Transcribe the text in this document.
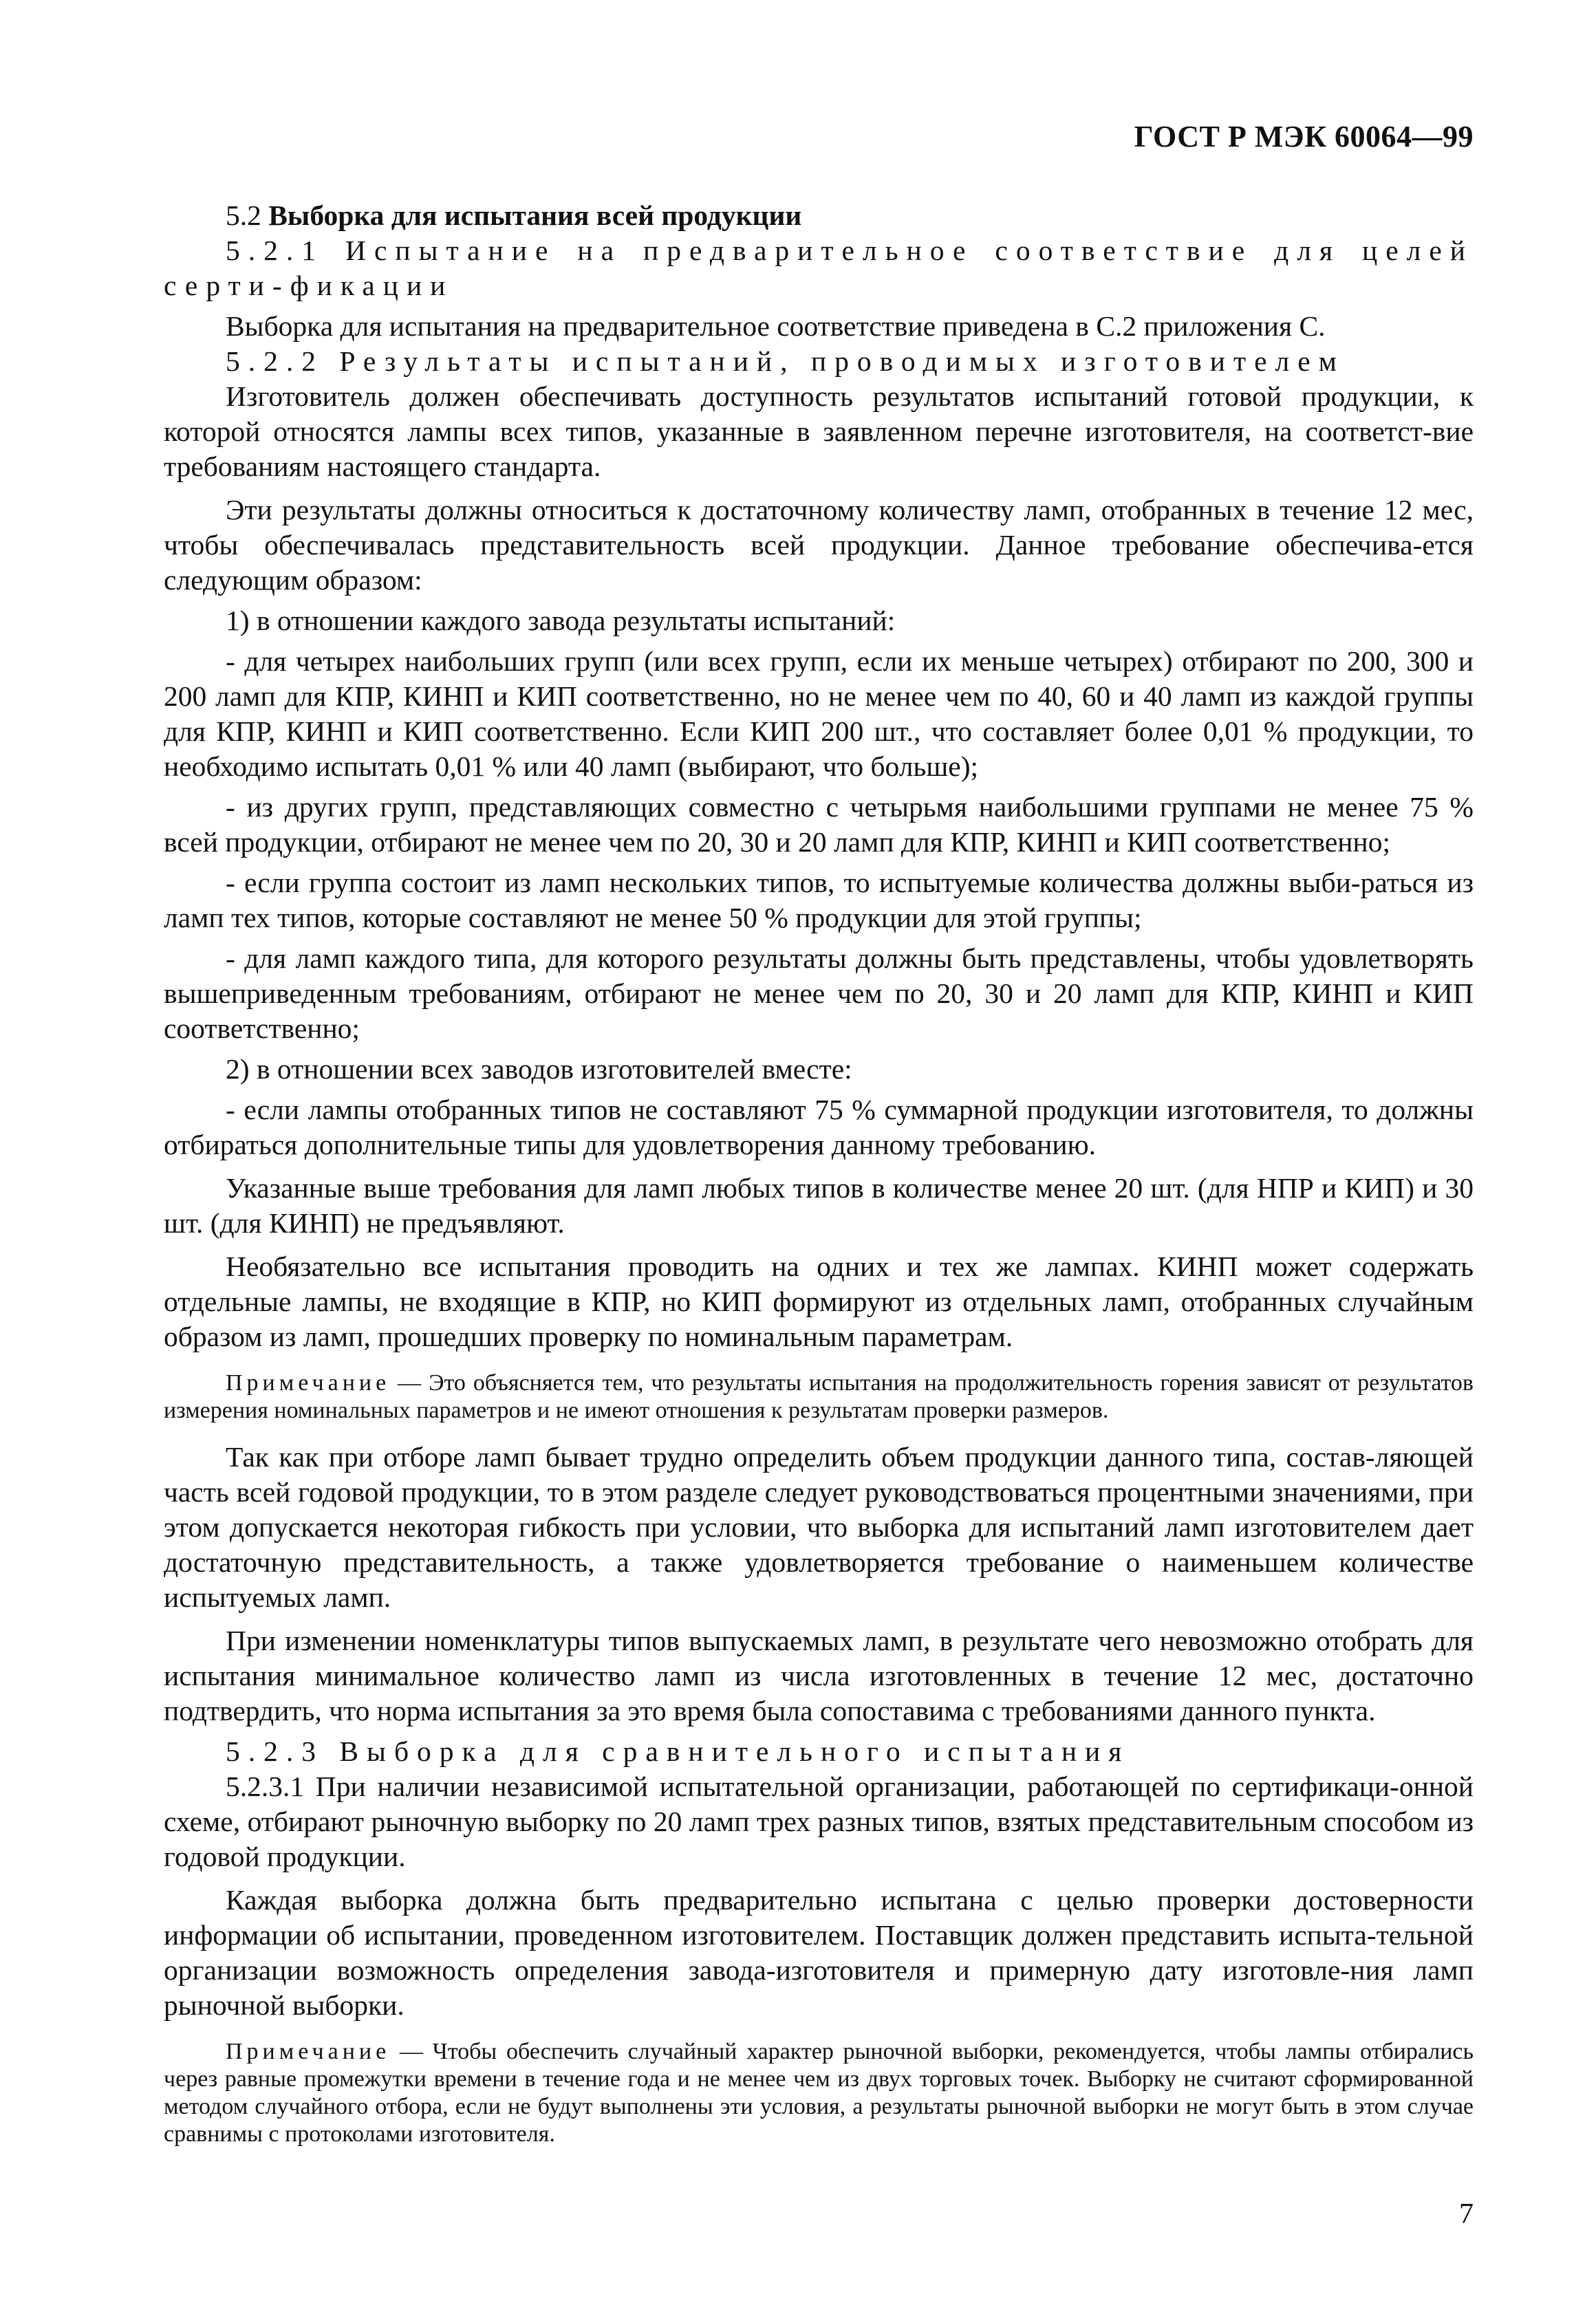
ГОСТ Р МЭК 60064—99

5.2 Выборка для испытания всей продукции

5.2.1 Испытание на предварительное соответствие для целей серти-фикации

Выборка для испытания на предварительное соответствие приведена в С.2 приложения С.

5.2.2 Результаты испытаний, проводимых изготовителем

Изготовитель должен обеспечивать доступность результатов испытаний готовой продукции, к которой относятся лампы всех типов, указанные в заявленном перечне изготовителя, на соответст-вие требованиям настоящего стандарта.

Эти результаты должны относиться к достаточному количеству ламп, отобранных в течение 12 мес, чтобы обеспечивалась представительность всей продукции. Данное требование обеспечива-ется следующим образом:

1) в отношении каждого завода результаты испытаний:

- для четырех наибольших групп (или всех групп, если их меньше четырех) отбирают по 200, 300 и 200 ламп для КПР, КИНП и КИП соответственно, но не менее чем по 40, 60 и 40 ламп из каждой группы для КПР, КИНП и КИП соответственно. Если КИП 200 шт., что составляет более 0,01 % продукции, то необходимо испытать 0,01 % или 40 ламп (выбирают, что больше);

- из других групп, представляющих совместно с четырьмя наибольшими группами не менее 75 % всей продукции, отбирают не менее чем по 20, 30 и 20 ламп для КПР, КИНП и КИП соответственно;

- если группа состоит из ламп нескольких типов, то испытуемые количества должны выби-раться из ламп тех типов, которые составляют не менее 50 % продукции для этой группы;

- для ламп каждого типа, для которого результаты должны быть представлены, чтобы удовлетворять вышеприведенным требованиям, отбирают не менее чем по 20, 30 и 20 ламп для КПР, КИНП и КИП соответственно;

2) в отношении всех заводов изготовителей вместе:

- если лампы отобранных типов не составляют 75 % суммарной продукции изготовителя, то должны отбираться дополнительные типы для удовлетворения данному требованию.

Указанные выше требования для ламп любых типов в количестве менее 20 шт. (для НПР и КИП) и 30 шт. (для КИНП) не предъявляют.

Необязательно все испытания проводить на одних и тех же лампах. КИНП может содержать отдельные лампы, не входящие в КПР, но КИП формируют из отдельных ламп, отобранных случайным образом из ламп, прошедших проверку по номинальным параметрам.

Примечание — Это объясняется тем, что результаты испытания на продолжительность горения зависят от результатов измерения номинальных параметров и не имеют отношения к результатам проверки размеров.

Так как при отборе ламп бывает трудно определить объем продукции данного типа, состав-ляющей часть всей годовой продукции, то в этом разделе следует руководствоваться процентными значениями, при этом допускается некоторая гибкость при условии, что выборка для испытаний ламп изготовителем дает достаточную представительность, а также удовлетворяется требование о наименьшем количестве испытуемых ламп.

При изменении номенклатуры типов выпускаемых ламп, в результате чего невозможно отобрать для испытания минимальное количество ламп из числа изготовленных в течение 12 мес, достаточно подтвердить, что норма испытания за это время была сопоставима с требованиями данного пункта.

5.2.3 Выборка для сравнительного испытания

5.2.3.1 При наличии независимой испытательной организации, работающей по сертификаци-онной схеме, отбирают рыночную выборку по 20 ламп трех разных типов, взятых представительным способом из годовой продукции.

Каждая выборка должна быть предварительно испытана с целью проверки достоверности информации об испытании, проведенном изготовителем. Поставщик должен представить испыта-тельной организации возможность определения завода-изготовителя и примерную дату изготовле-ния ламп рыночной выборки.

Примечание — Чтобы обеспечить случайный характер рыночной выборки, рекомендуется, чтобы лампы отбирались через равные промежутки времени в течение года и не менее чем из двух торговых точек. Выборку не считают сформированной методом случайного отбора, если не будут выполнены эти условия, а результаты рыночной выборки не могут быть в этом случае сравнимы с протоколами изготовителя.

7
